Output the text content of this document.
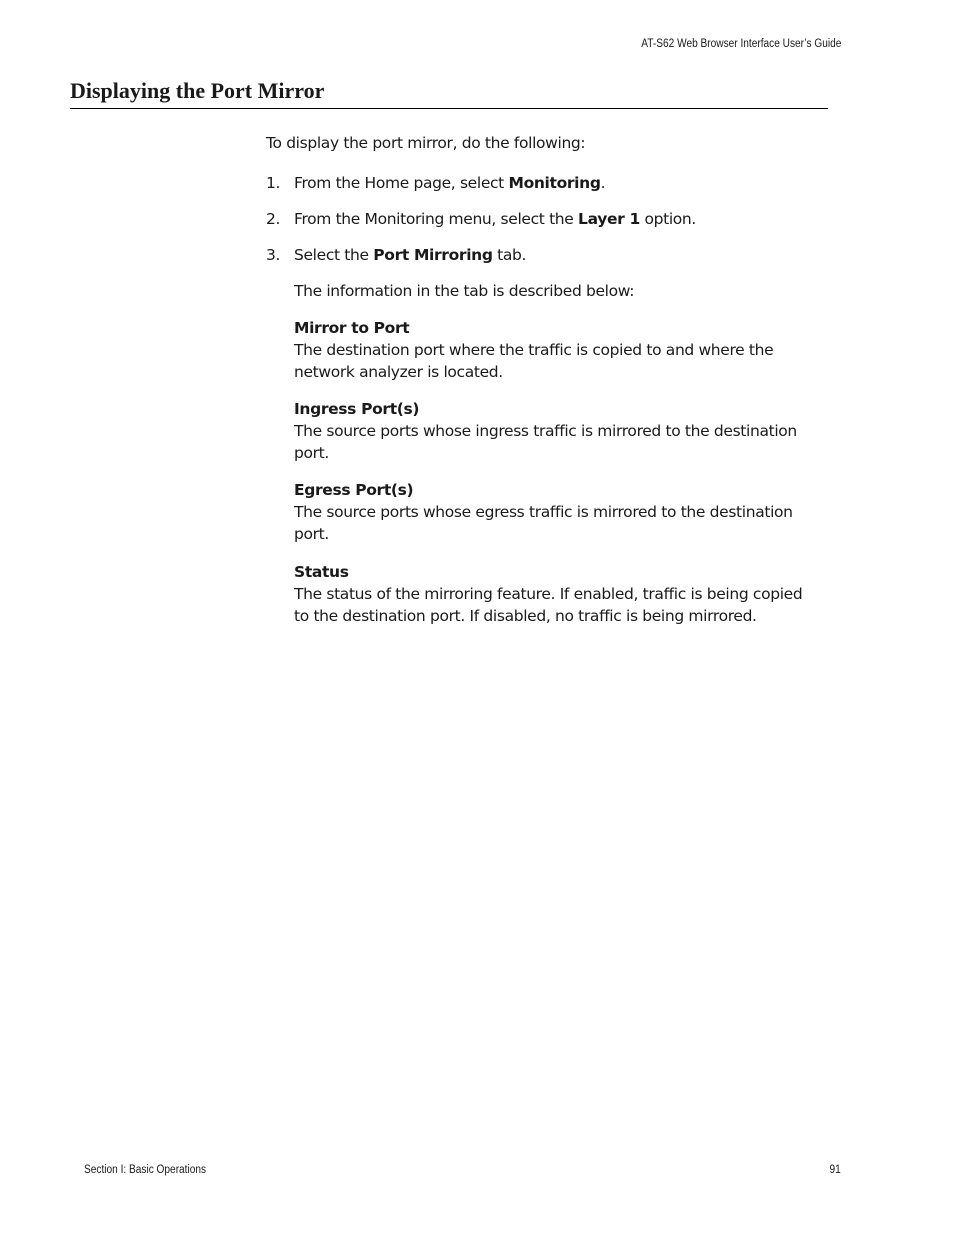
AT-S62 Web Browser Interface User’s Guide
Displaying the Port Mirror
To display the port mirror, do the following:
1. From the Home page, select Monitoring.
2. From the Monitoring menu, select the Layer 1 option.
3. Select the Port Mirroring tab.
The information in the tab is described below:
Mirror to Port
The destination port where the traffic is copied to and where the network analyzer is located.
Ingress Port(s)
The source ports whose ingress traffic is mirrored to the destination port.
Egress Port(s)
The source ports whose egress traffic is mirrored to the destination port.
Status
The status of the mirroring feature. If enabled, traffic is being copied to the destination port. If disabled, no traffic is being mirrored.
Section I: Basic Operations	91
